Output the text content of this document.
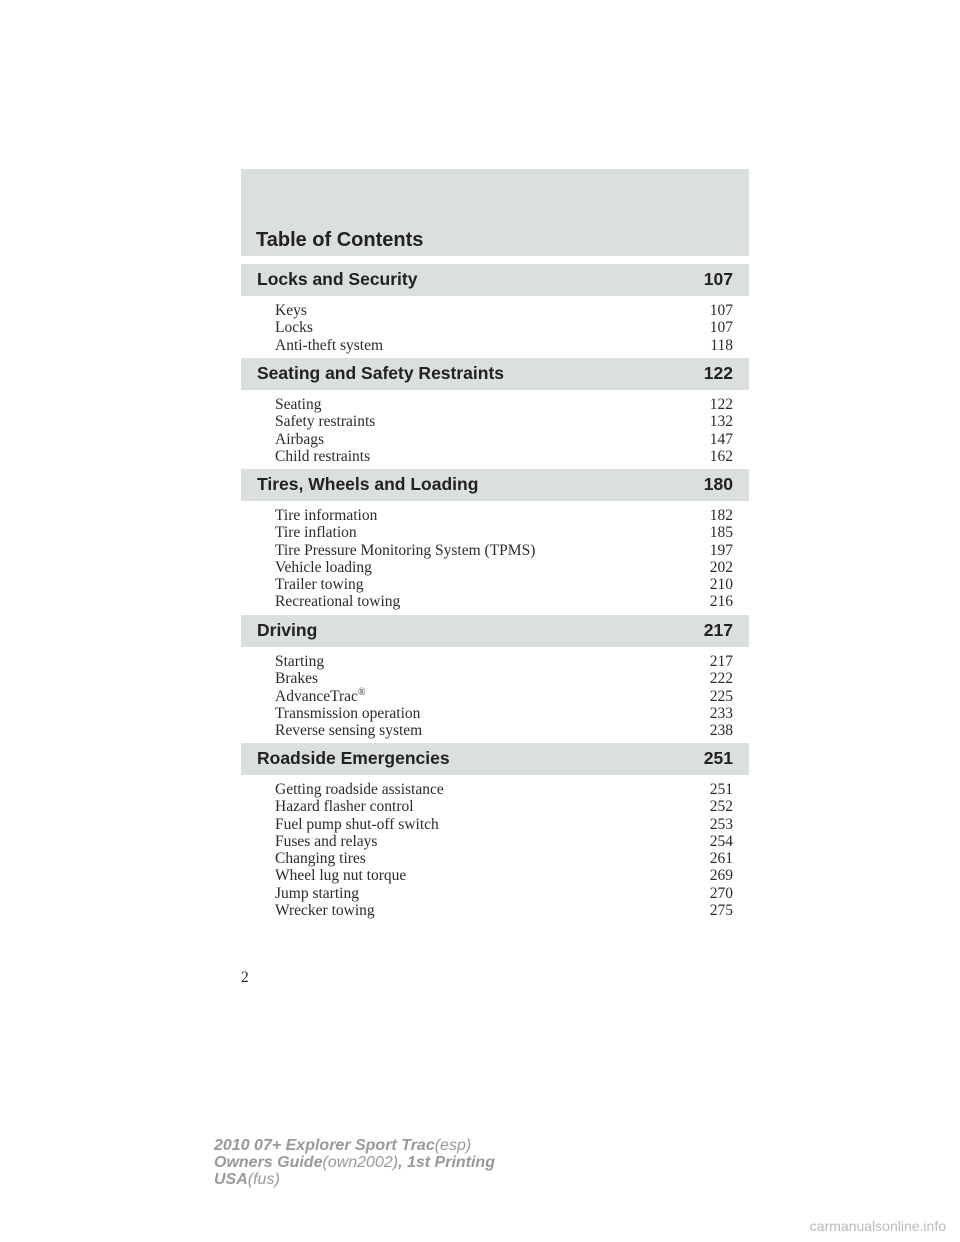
Table of Contents
Locks and Security	107
Keys	107
Locks	107
Anti-theft system	118
Seating and Safety Restraints	122
Seating	122
Safety restraints	132
Airbags	147
Child restraints	162
Tires, Wheels and Loading	180
Tire information	182
Tire inflation	185
Tire Pressure Monitoring System (TPMS)	197
Vehicle loading	202
Trailer towing	210
Recreational towing	216
Driving	217
Starting	217
Brakes	222
AdvanceTrac®	225
Transmission operation	233
Reverse sensing system	238
Roadside Emergencies	251
Getting roadside assistance	251
Hazard flasher control	252
Fuel pump shut-off switch	253
Fuses and relays	254
Changing tires	261
Wheel lug nut torque	269
Jump starting	270
Wrecker towing	275
2
2010 07+ Explorer Sport Trac(esp)
Owners Guide(own2002), 1st Printing
USA(fus)
carmanualsonline.info
